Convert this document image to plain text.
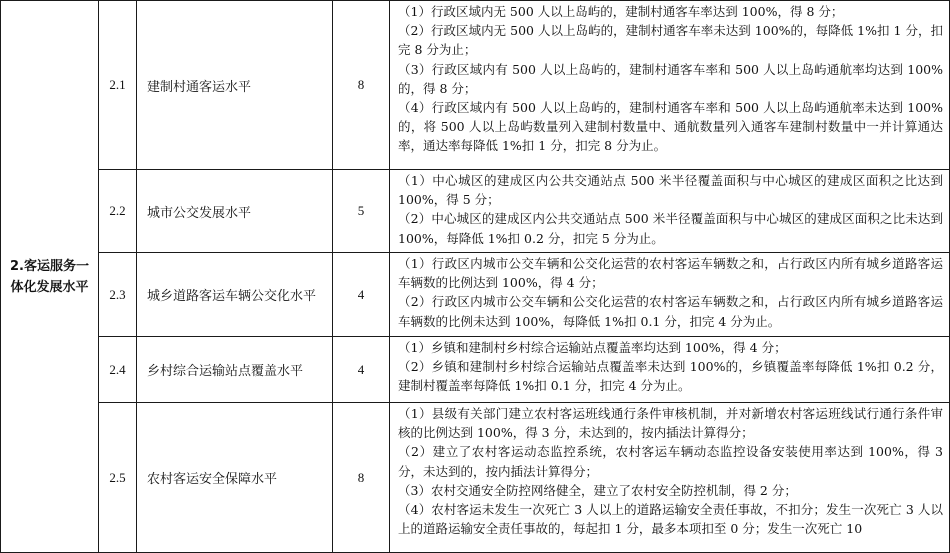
2.客运服务一体化发展水平	2.1	建制村通客运水平	8	（1）行政区域内无 500 人以上岛屿的，建制村通客车率达到 100%，得 8 分；

（2）行政区域内无 500 人以上岛屿的，建制村通客车率未达到 100%的，每降低 1%扣 1 分，扣完 8 分为止；

（3）行政区域内有 500 人以上岛屿的，建制村通客车率和 500 人以上岛屿通航率均达到 100%的，得 8 分；

（4）行政区域内有 500 人以上岛屿的，建制村通客车率和 500 人以上岛屿通航率未达到 100%的，将 500 人以上岛屿数量列入建制村数量中、通航数量列入通客车建制村数量中一并计算通达率，通达率每降低 1%扣 1 分，扣完 8 分为止。

	2.2	城市公交发展水平	5	（1）中心城区的建成区内公共交通站点 500 米半径覆盖面积与中心城区的建成区面积之比达到 100%，得 5 分；

（2）中心城区的建成区内公共交通站点 500 米半径覆盖面积与中心城区的建成区面积之比未达到 100%，每降低 1%扣 0.2 分，扣完 5 分为止。

	2.3	城乡道路客运车辆公交化水平	4	（1）行政区内城市公交车辆和公交化运营的农村客运车辆数之和，占行政区内所有城乡道路客运车辆数的比例达到 100%，得 4 分；

（2）行政区内城市公交车辆和公交化运营的农村客运车辆数之和，占行政区内所有城乡道路客运车辆数的比例未达到 100%，每降低 1%扣 0.1 分，扣完 4 分为止。

	2.4	乡村综合运输站点覆盖水平	4	（1）乡镇和建制村乡村综合运输站点覆盖率均达到 100%，得 4 分；

（2）乡镇和建制村乡村综合运输站点覆盖率未达到 100%的，乡镇覆盖率每降低 1%扣 0.2 分，建制村覆盖率每降低 1%扣 0.1 分，扣完 4 分为止。

	2.5	农村客运安全保障水平	8	（1）县级有关部门建立农村客运班线通行条件审核机制，并对新增农村客运班线试行通行条件审核的比例达到 100%，得 3 分，未达到的，按内插法计算得分；

（2）建立了农村客运动态监控系统，农村客运车辆动态监控设备安装使用率达到 100%，得 3 分，未达到的，按内插法计算得分；

（3）农村交通安全防控网络健全，建立了农村安全防控机制，得 2 分；

（4）农村客运未发生一次死亡 3 人以上的道路运输安全责任事故，不扣分；发生一次死亡 3 人以上的道路运输安全责任事故的，每起扣 1 分，最多本项扣至 0 分；发生一次死亡 10
